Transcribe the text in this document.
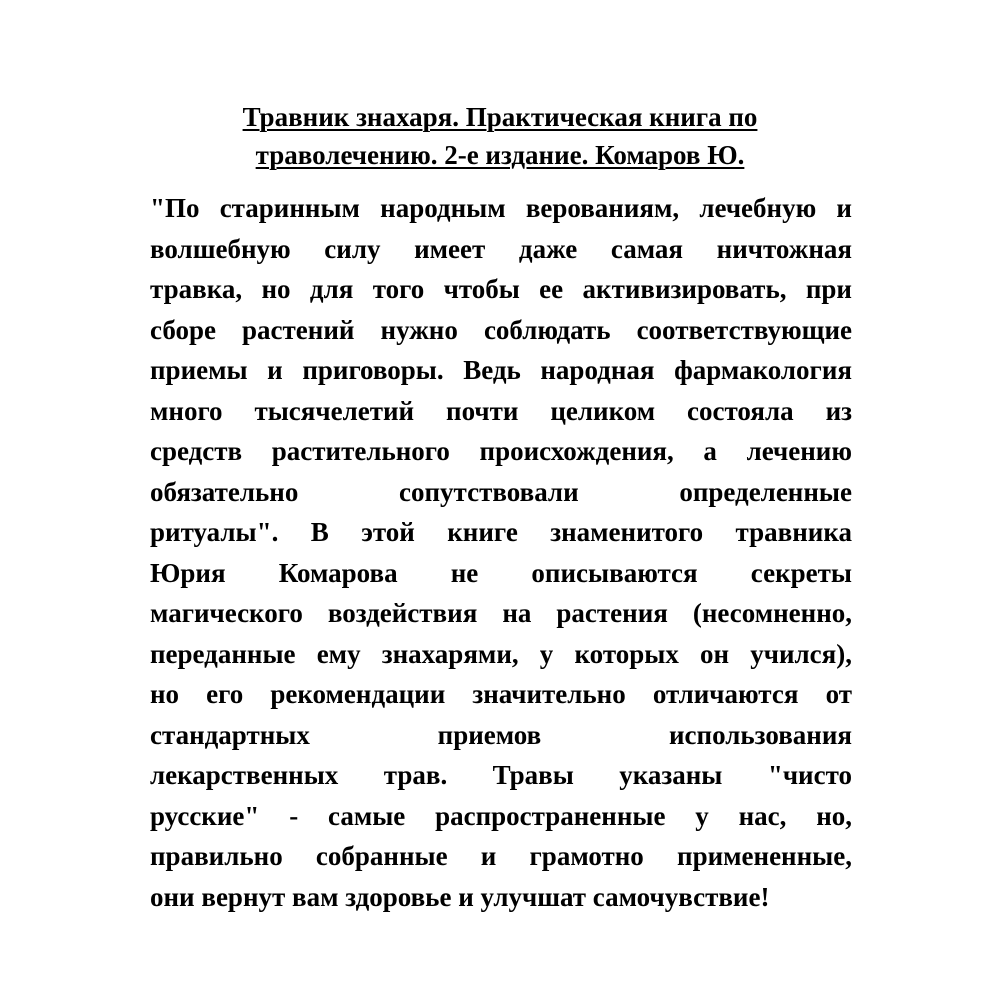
Травник знахаря. Практическая книга по
траволечению. 2-е издание. Комаров Ю.
"По старинным народным верованиям, лечебную и
волшебную силу имеет даже самая ничтожная
травка, но для того чтобы ее активизировать, при
сборе растений нужно соблюдать соответствующие
приемы и приговоры. Ведь народная фармакология
много тысячелетий почти целиком состояла из
средств растительного происхождения, а лечению
обязательно сопутствовали определенные
ритуалы". В этой книге знаменитого травника
Юрия Комарова не описываются секреты
магического воздействия на растения (несомненно,
переданные ему знахарями, у которых он учился),
но его рекомендации значительно отличаются от
стандартных приемов использования
лекарственных трав. Травы указаны "чисто
русские" - самые распространенные у нас, но,
правильно собранные и грамотно примененные,
они вернут вам здоровье и улучшат самочувствие!
